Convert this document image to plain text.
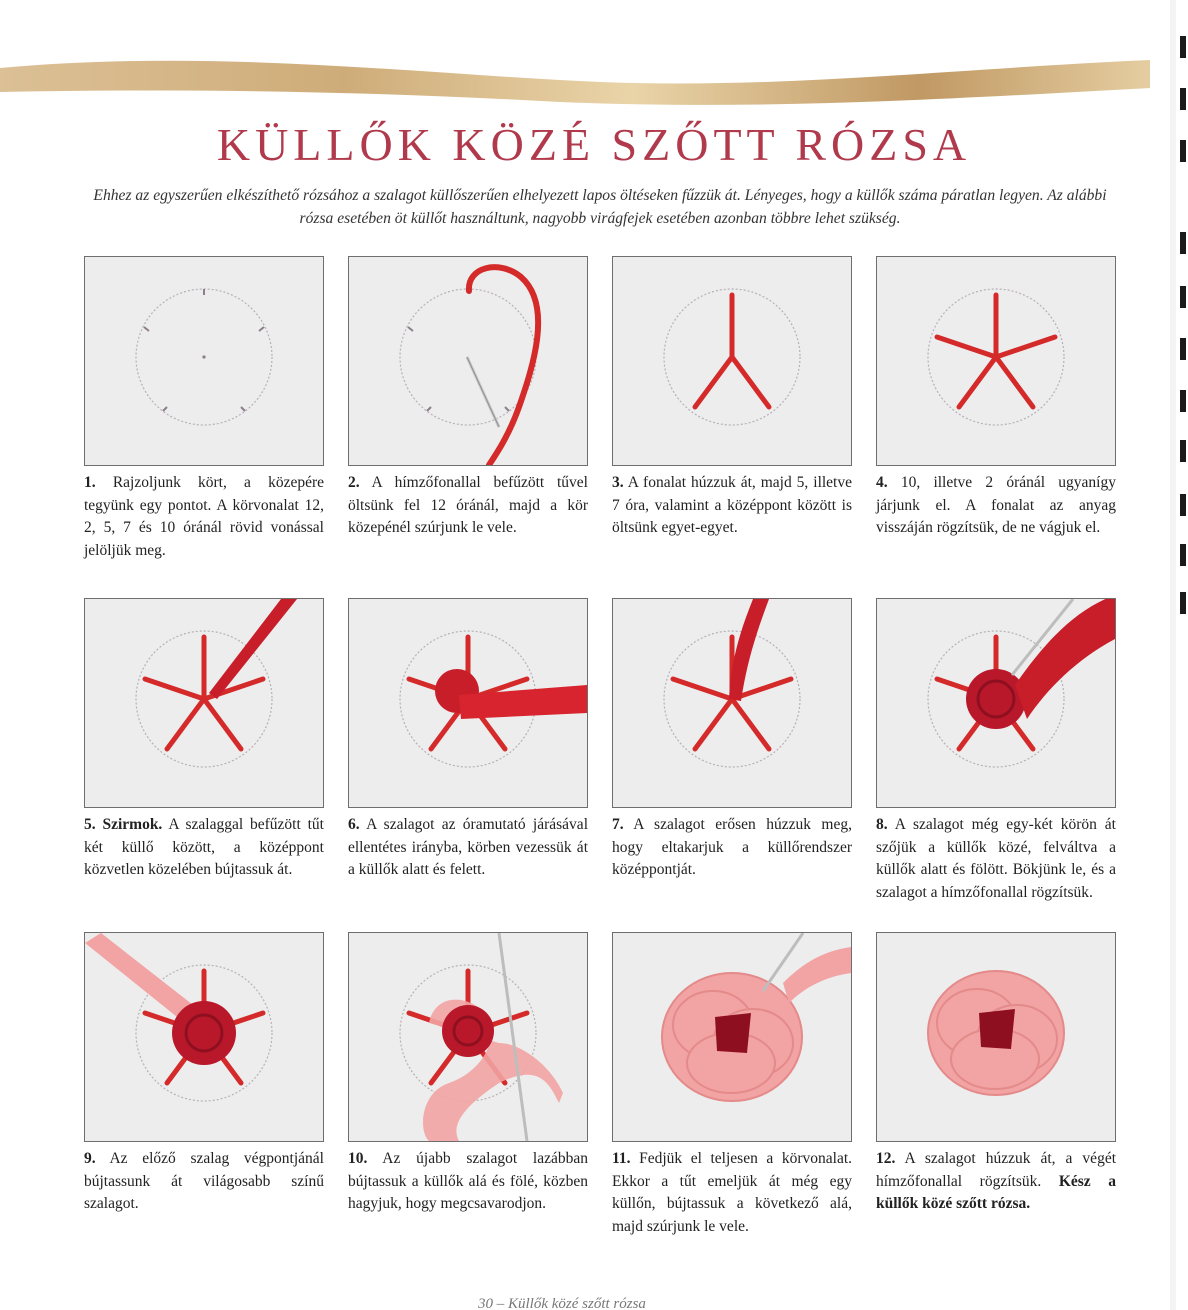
KÜLLŐK KÖZÉ SZŐTT RÓZSA

Ehhez az egyszerűen elkészíthető rózsához a szalagot küllőszerűen elhelyezett lapos öltéseken fűzzük át. Lényeges, hogy a küllők száma páratlan legyen. Az alábbi rózsa esetében öt küllőt használtunk, nagyobb virágfejek esetében azonban többre lehet szükség.

1. Rajzoljunk kört, a közepére tegyünk egy pontot. A körvonalat 12, 2, 5, 7 és 10 óránál rövid vonással jelöljük meg.
2. A hímzőfonallal befűzött tűvel öltsünk fel 12 óránál, majd a kör közepénél szúrjunk le vele.
3. A fonalat húzzuk át, majd 5, illetve 7 óra, valamint a középpont között is öltsünk egyet-egyet.
4. 10, illetve 2 óránál ugyanígy járjunk el. A fonalat az anyag visszáján rögzítsük, de ne vágjuk el.
5. Szirmok. A szalaggal befűzött tűt két küllő között, a középpont közvetlen közelében bújtassuk át.
6. A szalagot az óramutató járásával ellentétes irányba, körben vezessük át a küllők alatt és felett.
7. A szalagot erősen húzzuk meg, hogy eltakarjuk a küllőrendszer középpontját.
8. A szalagot még egy-két körön át szőjük a küllők közé, felváltva a küllők alatt és fölött. Bökjünk le, és a szalagot a hímzőfonallal rögzítsük.
9. Az előző szalag végpontjánál bújtassunk át világosabb színű szalagot.
10. Az újabb szalagot lazábban bújtassuk a küllők alá és fölé, közben hagyjuk, hogy megcsavarodjon.
11. Fedjük el teljesen a körvonalat. Ekkor a tűt emeljük át még egy küllőn, bújtassuk a következő alá, majd szúrjunk le vele.
12. A szalagot húzzuk át, a végét hímzőfonallal rögzítsük. Kész a küllők közé szőtt rózsa.
30 – Küllők közé szőtt rózsa
